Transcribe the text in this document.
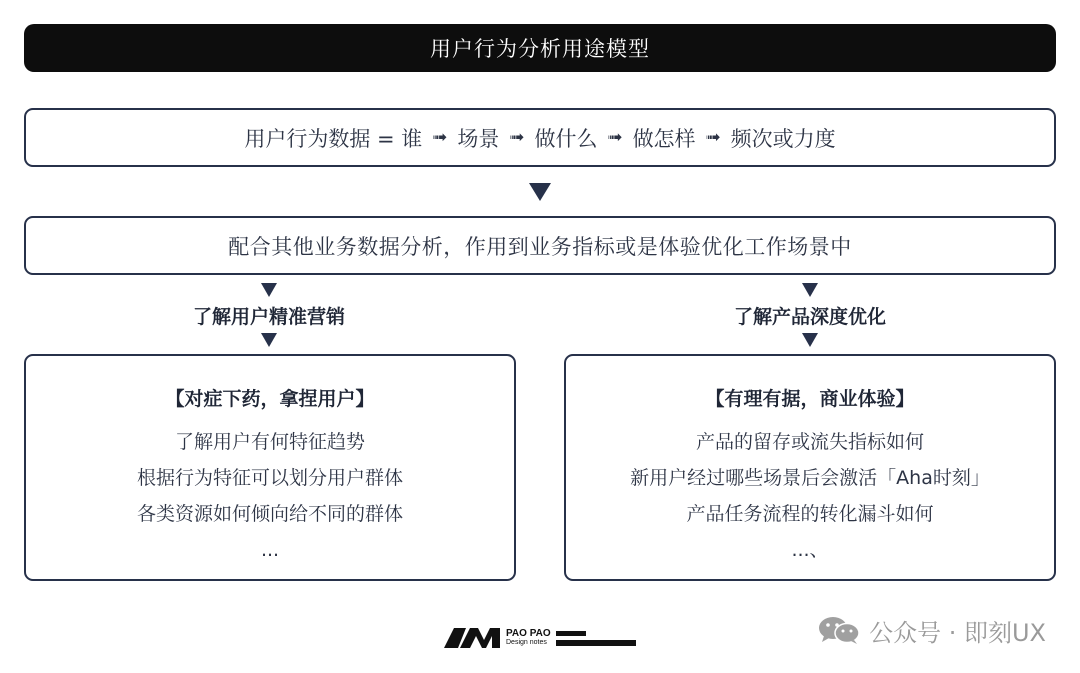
用户行为分析用途模型
用户行为数据 = 谁 ➟ 场景 ➟ 做什么 ➟ 做怎样 ➟ 频次或力度
配合其他业务数据分析，作用到业务指标或是体验优化工作场景中
了解用户精准营销	了解产品深度优化
【对症下药，拿捏用户】
了解用户有何特征趋势
根据行为特征可以划分用户群体
各类资源如何倾向给不同的群体
...
【有理有据，商业体验】
产品的留存或流失指标如何
新用户经过哪些场景后会激活「Aha时刻」
产品任务流程的转化漏斗如何
...、
PAO PAO
Design notes	公众号 · 即刻UX
